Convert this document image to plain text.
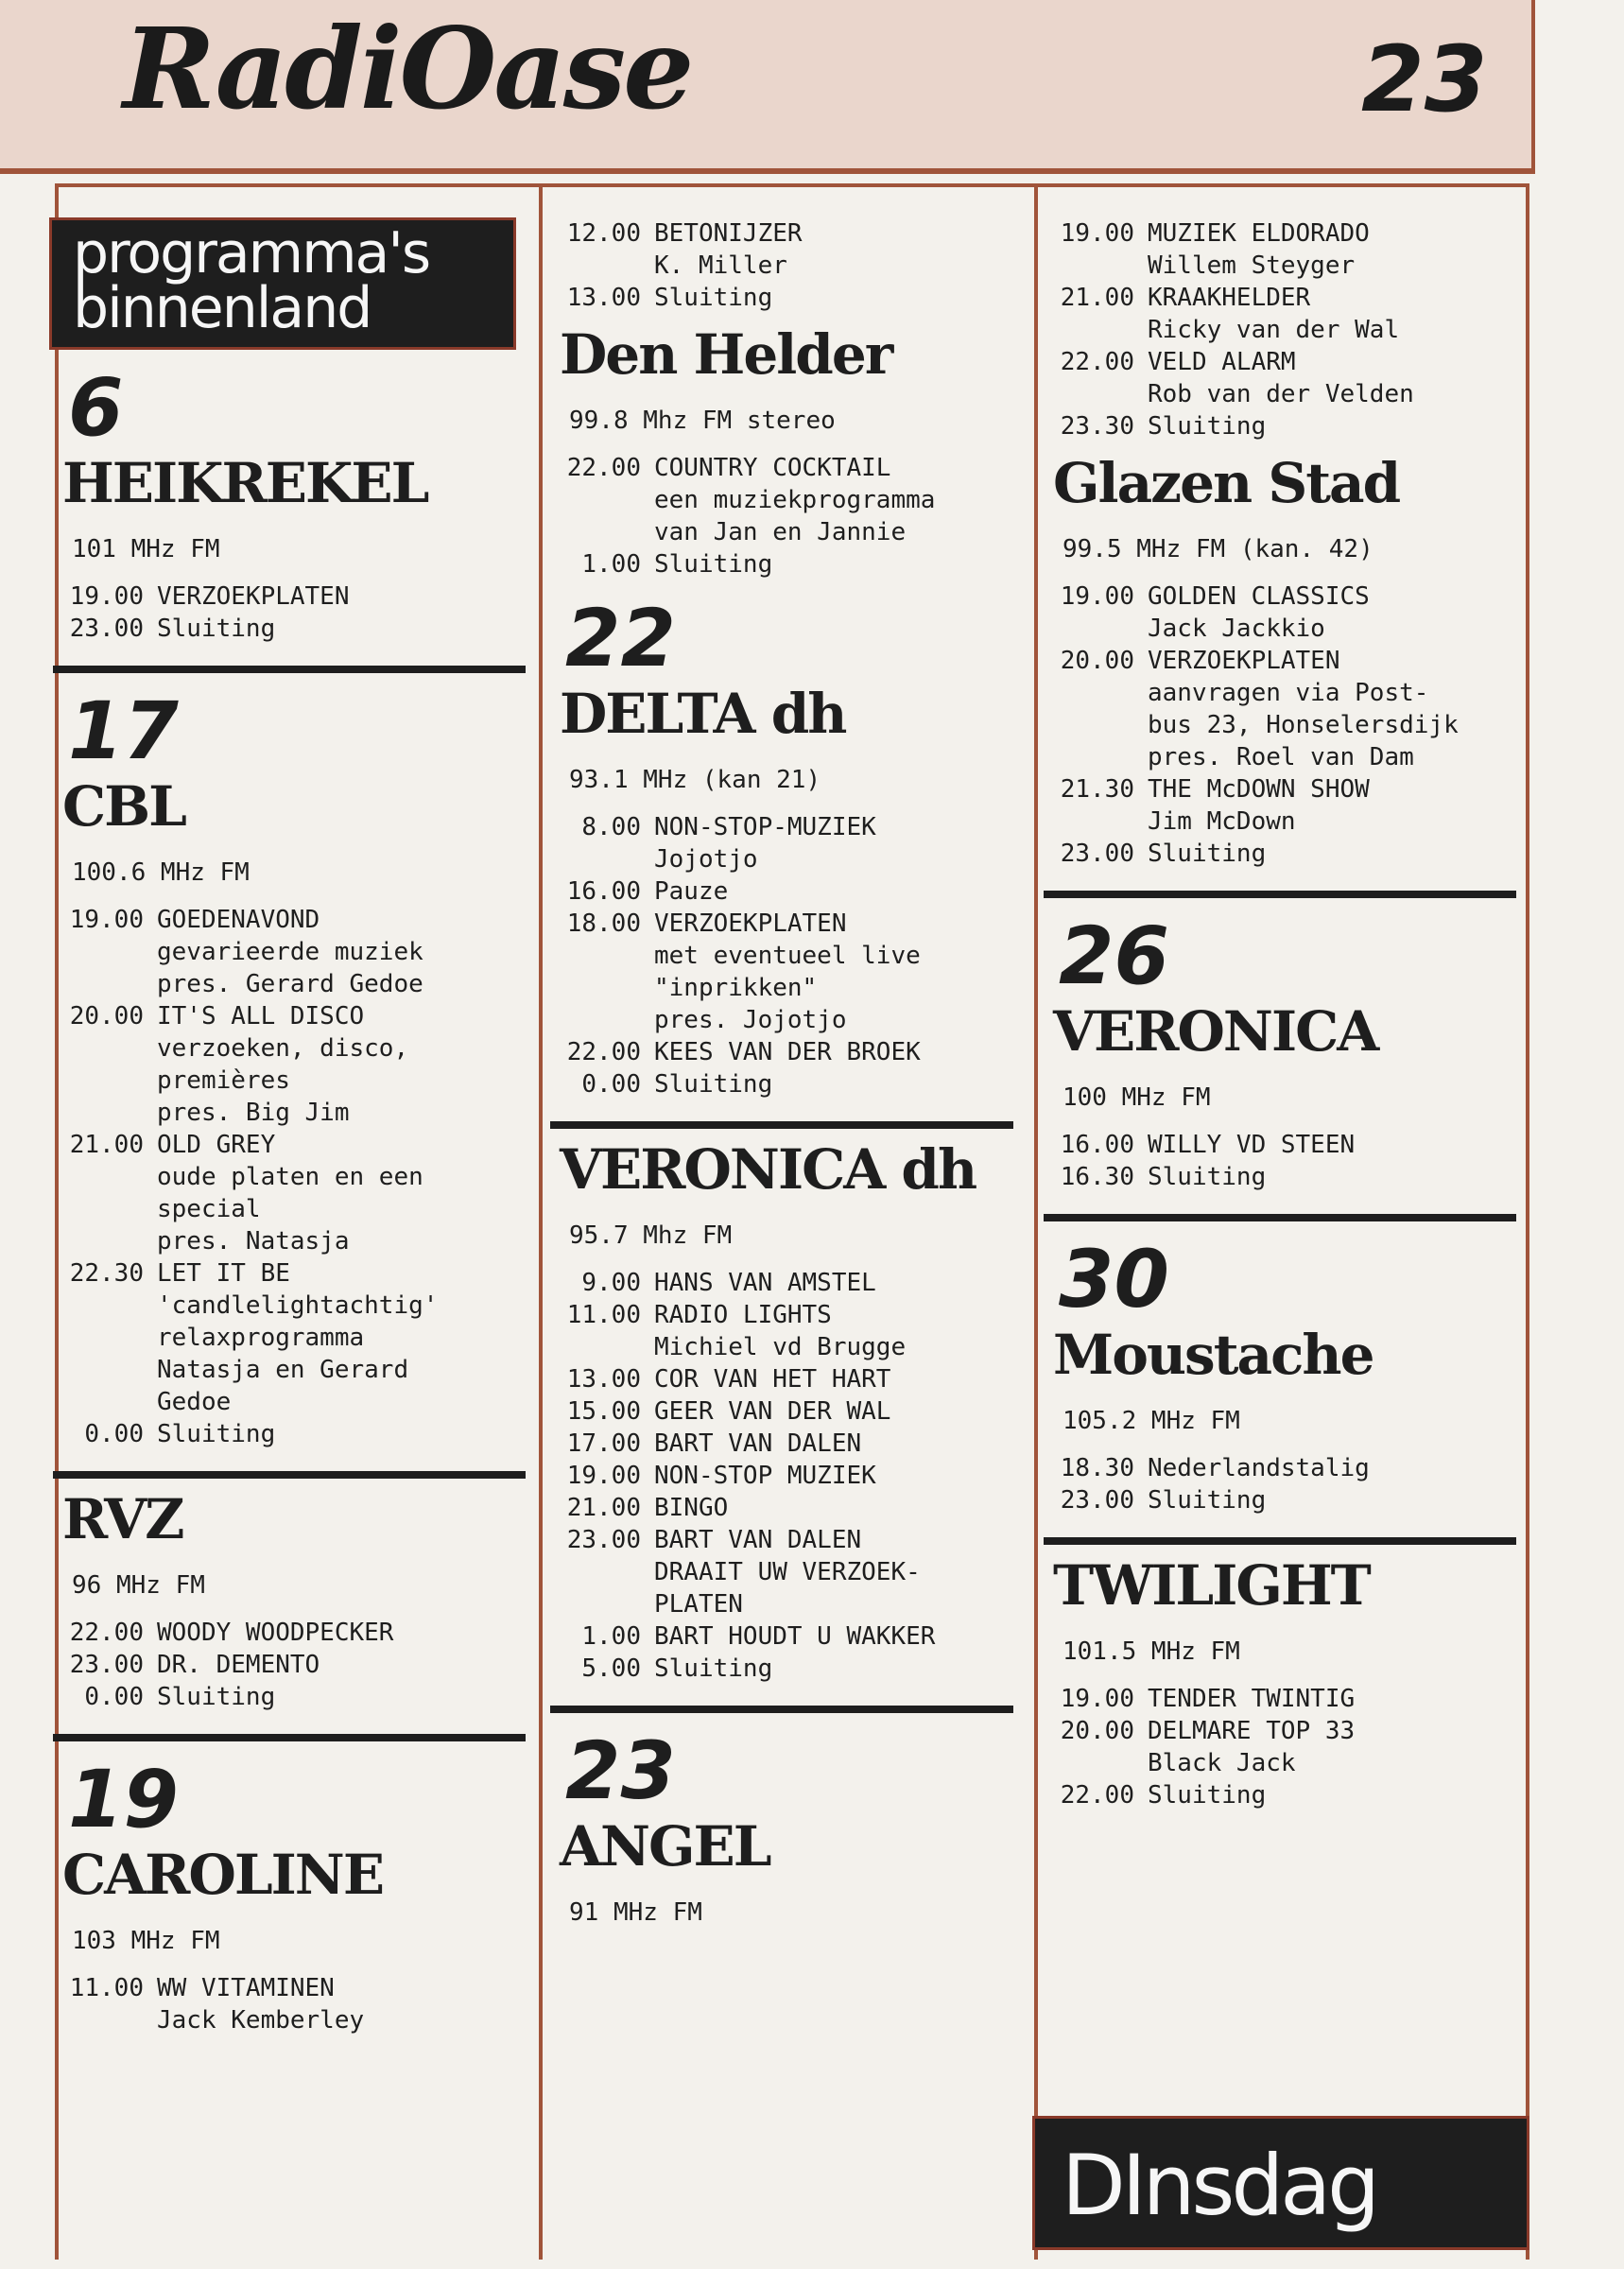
RadiOase	23
programma's binnenland
6
HEIKREKEL
101 MHz FM
19.00 VERZOEKPLATEN
23.00 Sluiting
17
CBL
100.6 MHz FM
19.00 GOEDENAVOND
gevarieerde muziek
pres. Gerard Gedoe
20.00 IT'S ALL DISCO
verzoeken, disco,
premières
pres. Big Jim
21.00 OLD GREY
oude platen en een
special
pres. Natasja
22.30 LET IT BE
'candlelightachtig'
relaxprogramma
Natasja en Gerard
Gedoe
0.00 Sluiting
RVZ
96 MHz FM
22.00 WOODY WOODPECKER
23.00 DR. DEMENTO
0.00 Sluiting
19
CAROLINE
103 MHz FM
11.00 WW VITAMINEN
Jack Kemberley
12.00 BETONIJZER
K. Miller
13.00 Sluiting
Den Helder
99.8 Mhz FM stereo
22.00 COUNTRY COCKTAIL
een muziekprogramma
van Jan en Jannie
1.00 Sluiting
22
DELTA dh
93.1 MHz (kan 21)
8.00 NON-STOP-MUZIEK
Jojotjo
16.00 Pauze
18.00 VERZOEKPLATEN
met eventueel live
"inprikken"
pres. Jojotjo
22.00 KEES VAN DER BROEK
0.00 Sluiting
VERONICA dh
95.7 Mhz FM
9.00 HANS VAN AMSTEL
11.00 RADIO LIGHTS
Michiel vd Brugge
13.00 COR VAN HET HART
15.00 GEER VAN DER WAL
17.00 BART VAN DALEN
19.00 NON-STOP MUZIEK
21.00 BINGO
23.00 BART VAN DALEN
DRAAIT UW VERZOEK-
PLATEN
1.00 BART HOUDT U WAKKER
5.00 Sluiting
23
ANGEL
91 MHz FM
19.00 MUZIEK ELDORADO
Willem Steyger
21.00 KRAAKHELDER
Ricky van der Wal
22.00 VELD ALARM
Rob van der Velden
23.30 Sluiting
Glazen Stad
99.5 MHz FM (kan. 42)
19.00 GOLDEN CLASSICS
Jack Jackkio
20.00 VERZOEKPLATEN
aanvragen via Post-
bus 23, Honselersdijk
pres. Roel van Dam
21.30 THE McDOWN SHOW
Jim McDown
23.00 Sluiting
26
VERONICA
100 MHz FM
16.00 WILLY VD STEEN
16.30 Sluiting
30
Moustache
105.2 MHz FM
18.30 Nederlandstalig
23.00 Sluiting
TWILIGHT
101.5 MHz FM
19.00 TENDER TWINTIG
20.00 DELMARE TOP 33
Black Jack
22.00 Sluiting
DInsdag
